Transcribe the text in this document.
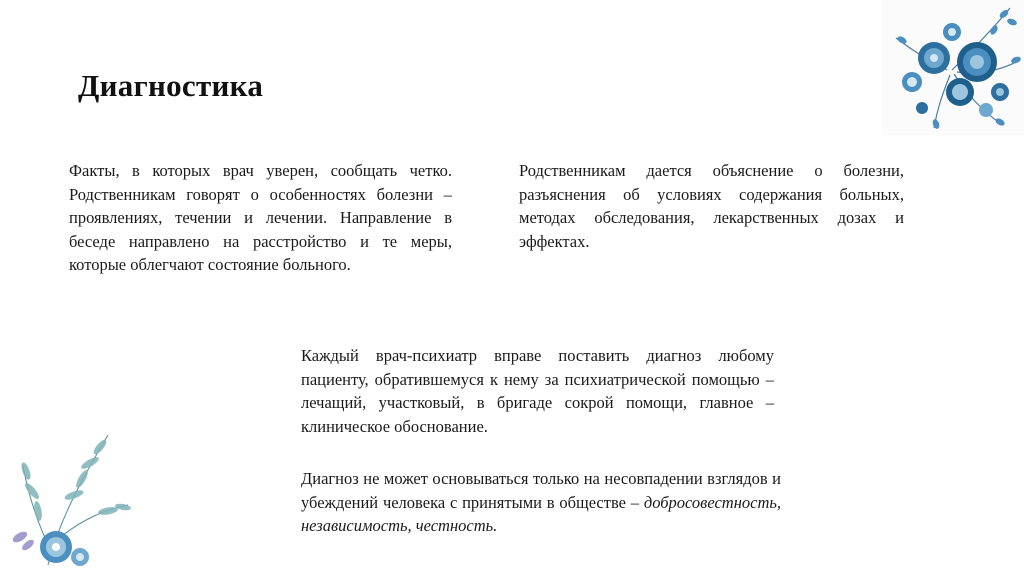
Диагностика

Факты, в которых врач уверен, сообщать четко. Родственникам говорят о особенностях болезни – проявлениях, течении и лечении. Направление в беседе направлено на расстройство и те меры, которые облегчают состояние больного.

Родственникам дается объяснение о болезни, разъяснения об условиях содержания больных, методах обследования, лекарственных дозах и эффектах.

Каждый врач-психиатр вправе поставить диагноз любому пациенту, обратившемуся к нему за психиатрической помощью – лечащий, участковый, в бригаде сокрой помощи, главное – клиническое обоснование.

Диагноз не может основываться только на несовпадении взглядов и убеждений человека с принятыми в обществе – добросовестность, независимость, честность.
